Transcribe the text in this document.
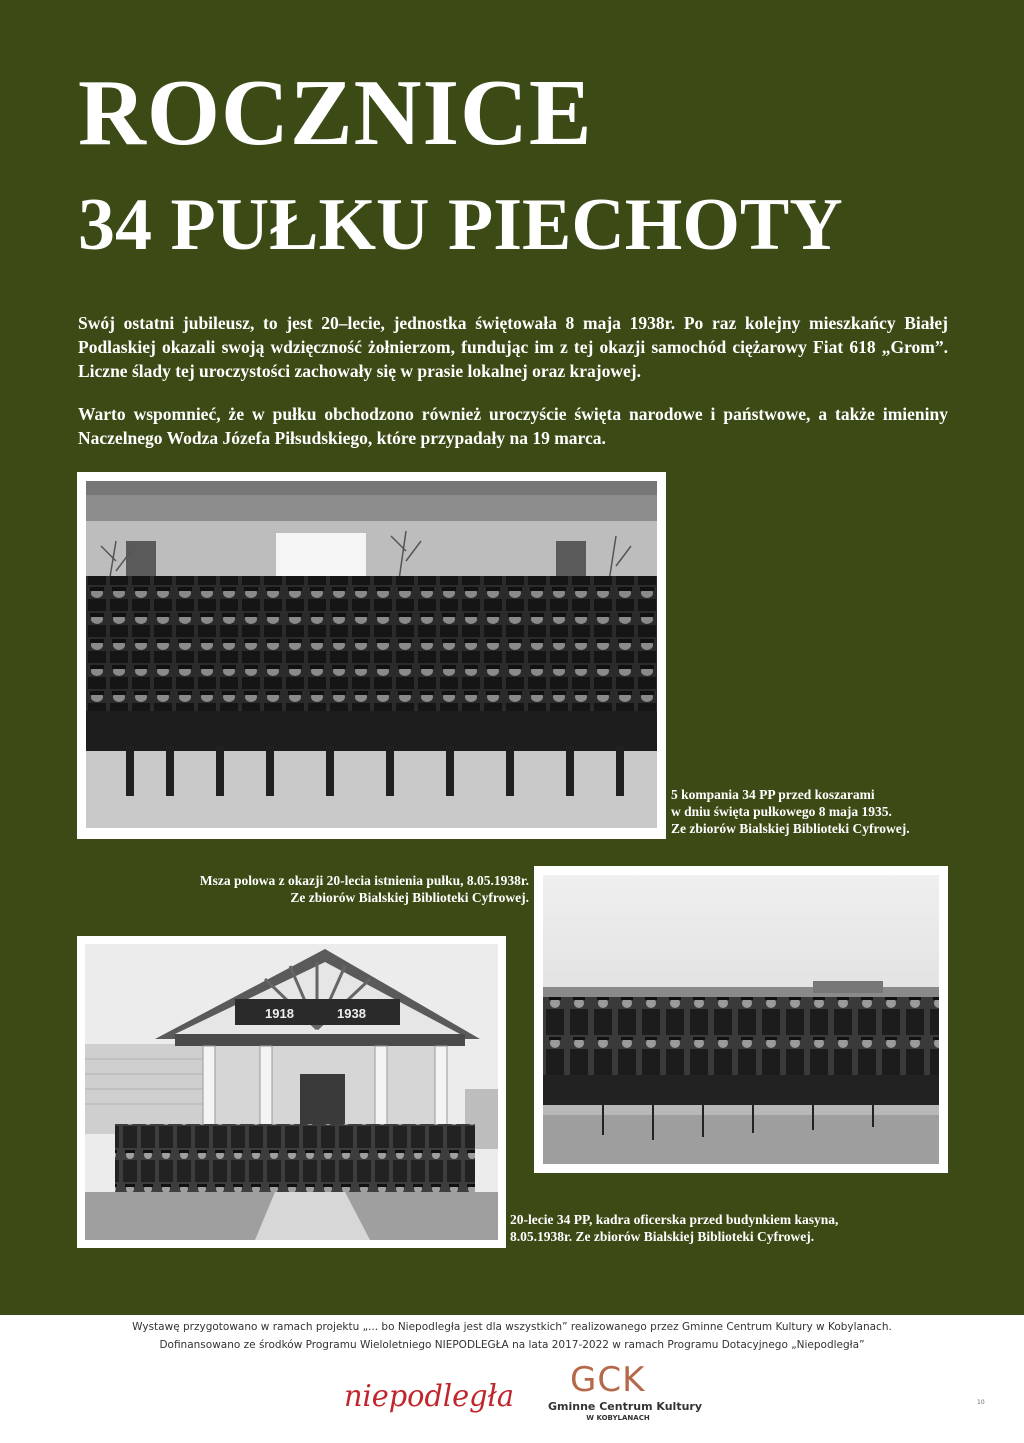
ROCZNICE
34 PUŁKU PIECHOTY

Swój ostatni jubileusz, to jest 20–lecie, jednostka świętowała 8 maja 1938r. Po raz kolejny mieszkańcy Białej Podlaskiej okazali swoją wdzięczność żołnierzom, fundując im z tej okazji samochód ciężarowy Fiat 618 „Grom”. Liczne ślady tej uroczystości zachowały się w prasie lokalnej oraz krajowej.

Warto wspomnieć, że w pułku obchodzono również uroczyście święta narodowe i państwowe, a także imieniny Naczelnego Wodza Józefa Piłsudskiego, które przypadały na 19 marca.

5 kompania 34 PP przed koszarami
w dniu święta pułkowego 8 maja 1935.
Ze zbiorów Bialskiej Biblioteki Cyfrowej.
Msza polowa z okazji 20-lecia istnienia pułku, 8.05.1938r.
Ze zbiorów Bialskiej Biblioteki Cyfrowej.
1918	1938
20-lecie 34 PP, kadra oficerska przed budynkiem kasyna,
8.05.1938r. Ze zbiorów Bialskiej Biblioteki Cyfrowej.
Wystawę przygotowano w ramach projektu „... bo Niepodległa jest dla wszystkich” realizowanego przez Gminne Centrum Kultury w Kobylanach.
Dofinansowano ze środków Programu Wieloletniego NIEPODLEGŁA na lata 2017-2022 w ramach Programu Dotacyjnego „Niepodległa”
niepodległa GCK
Gminne Centrum Kultury
W KOBYLANACH
10
